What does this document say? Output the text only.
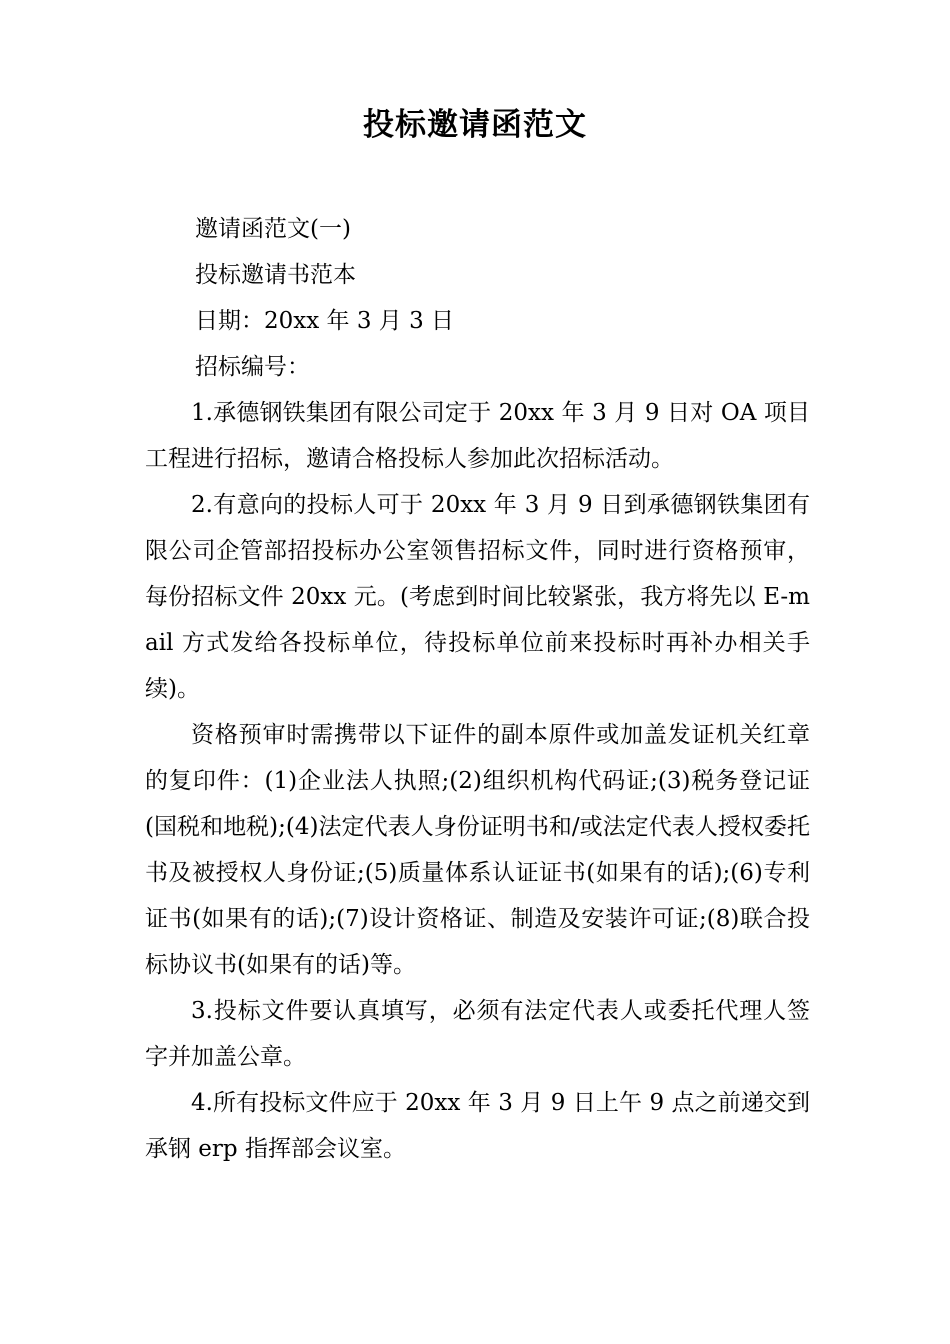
投标邀请函范文

邀请函范文(一)

投标邀请书范本

日期：20xx 年 3 月 3 日

招标编号：

1.承德钢铁集团有限公司定于 20xx 年 3 月 9 日对 OA 项目工程进行招标，邀请合格投标人参加此次招标活动。

2.有意向的投标人可于 20xx 年 3 月 9 日到承德钢铁集团有限公司企管部招投标办公室领售招标文件，同时进行资格预审，每份招标文件 20xx 元。(考虑到时间比较紧张，我方将先以 E-mail 方式发给各投标单位，待投标单位前来投标时再补办相关手续)。

资格预审时需携带以下证件的副本原件或加盖发证机关红章的复印件：(1)企业法人执照;(2)组织机构代码证;(3)税务登记证(国税和地税);(4)法定代表人身份证明书和/或法定代表人授权委托书及被授权人身份证;(5)质量体系认证证书(如果有的话);(6)专利证书(如果有的话);(7)设计资格证、制造及安装许可证;(8)联合投标协议书(如果有的话)等。

3.投标文件要认真填写，必须有法定代表人或委托代理人签字并加盖公章。

4.所有投标文件应于 20xx 年 3 月 9 日上午 9 点之前递交到承钢 erp 指挥部会议室。
